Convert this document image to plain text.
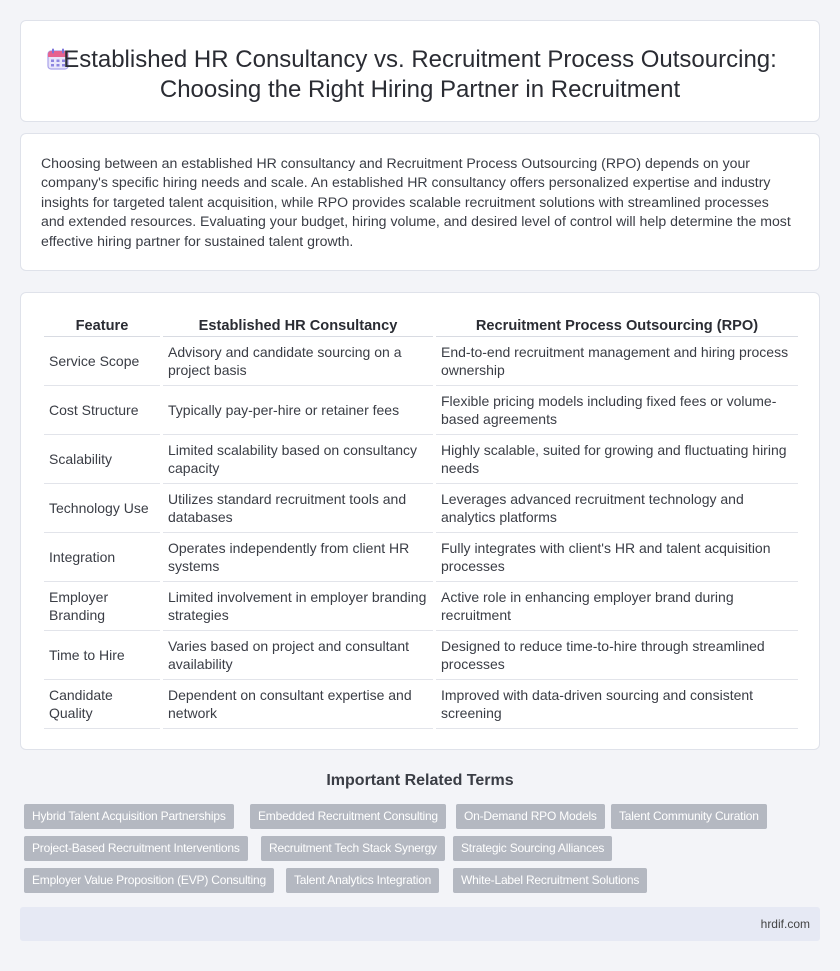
Established HR Consultancy vs. Recruitment Process Outsourcing:
Choosing the Right Hiring Partner in Recruitment

Choosing between an established HR consultancy and Recruitment Process Outsourcing (RPO) depends on your company's specific hiring needs and scale. An established HR consultancy offers personalized expertise and industry insights for targeted talent acquisition, while RPO provides scalable recruitment solutions with streamlined processes and extended resources. Evaluating your budget, hiring volume, and desired level of control will help determine the most effective hiring partner for sustained talent growth.

Feature	Established HR Consultancy	Recruitment Process Outsourcing (RPO)
Service Scope	Advisory and candidate sourcing on a project basis	End-to-end recruitment management and hiring process ownership
Cost Structure	Typically pay-per-hire or retainer fees	Flexible pricing models including fixed fees or volume-based agreements
Scalability	Limited scalability based on consultancy capacity	Highly scalable, suited for growing and fluctuating hiring needs
Technology Use	Utilizes standard recruitment tools and databases	Leverages advanced recruitment technology and analytics platforms
Integration	Operates independently from client HR systems	Fully integrates with client's HR and talent acquisition processes
Employer Branding	Limited involvement in employer branding strategies	Active role in enhancing employer brand during recruitment
Time to Hire	Varies based on project and consultant availability	Designed to reduce time-to-hire through streamlined processes
Candidate Quality	Dependent on consultant expertise and network	Improved with data-driven sourcing and consistent screening
Important Related Terms
Hybrid Talent Acquisition Partnerships	Embedded Recruitment Consulting	On-Demand RPO Models	Talent Community Curation
Project-Based Recruitment Interventions	Recruitment Tech Stack Synergy	Strategic Sourcing Alliances
Employer Value Proposition (EVP) Consulting	Talent Analytics Integration	White-Label Recruitment Solutions
hrdif.com
